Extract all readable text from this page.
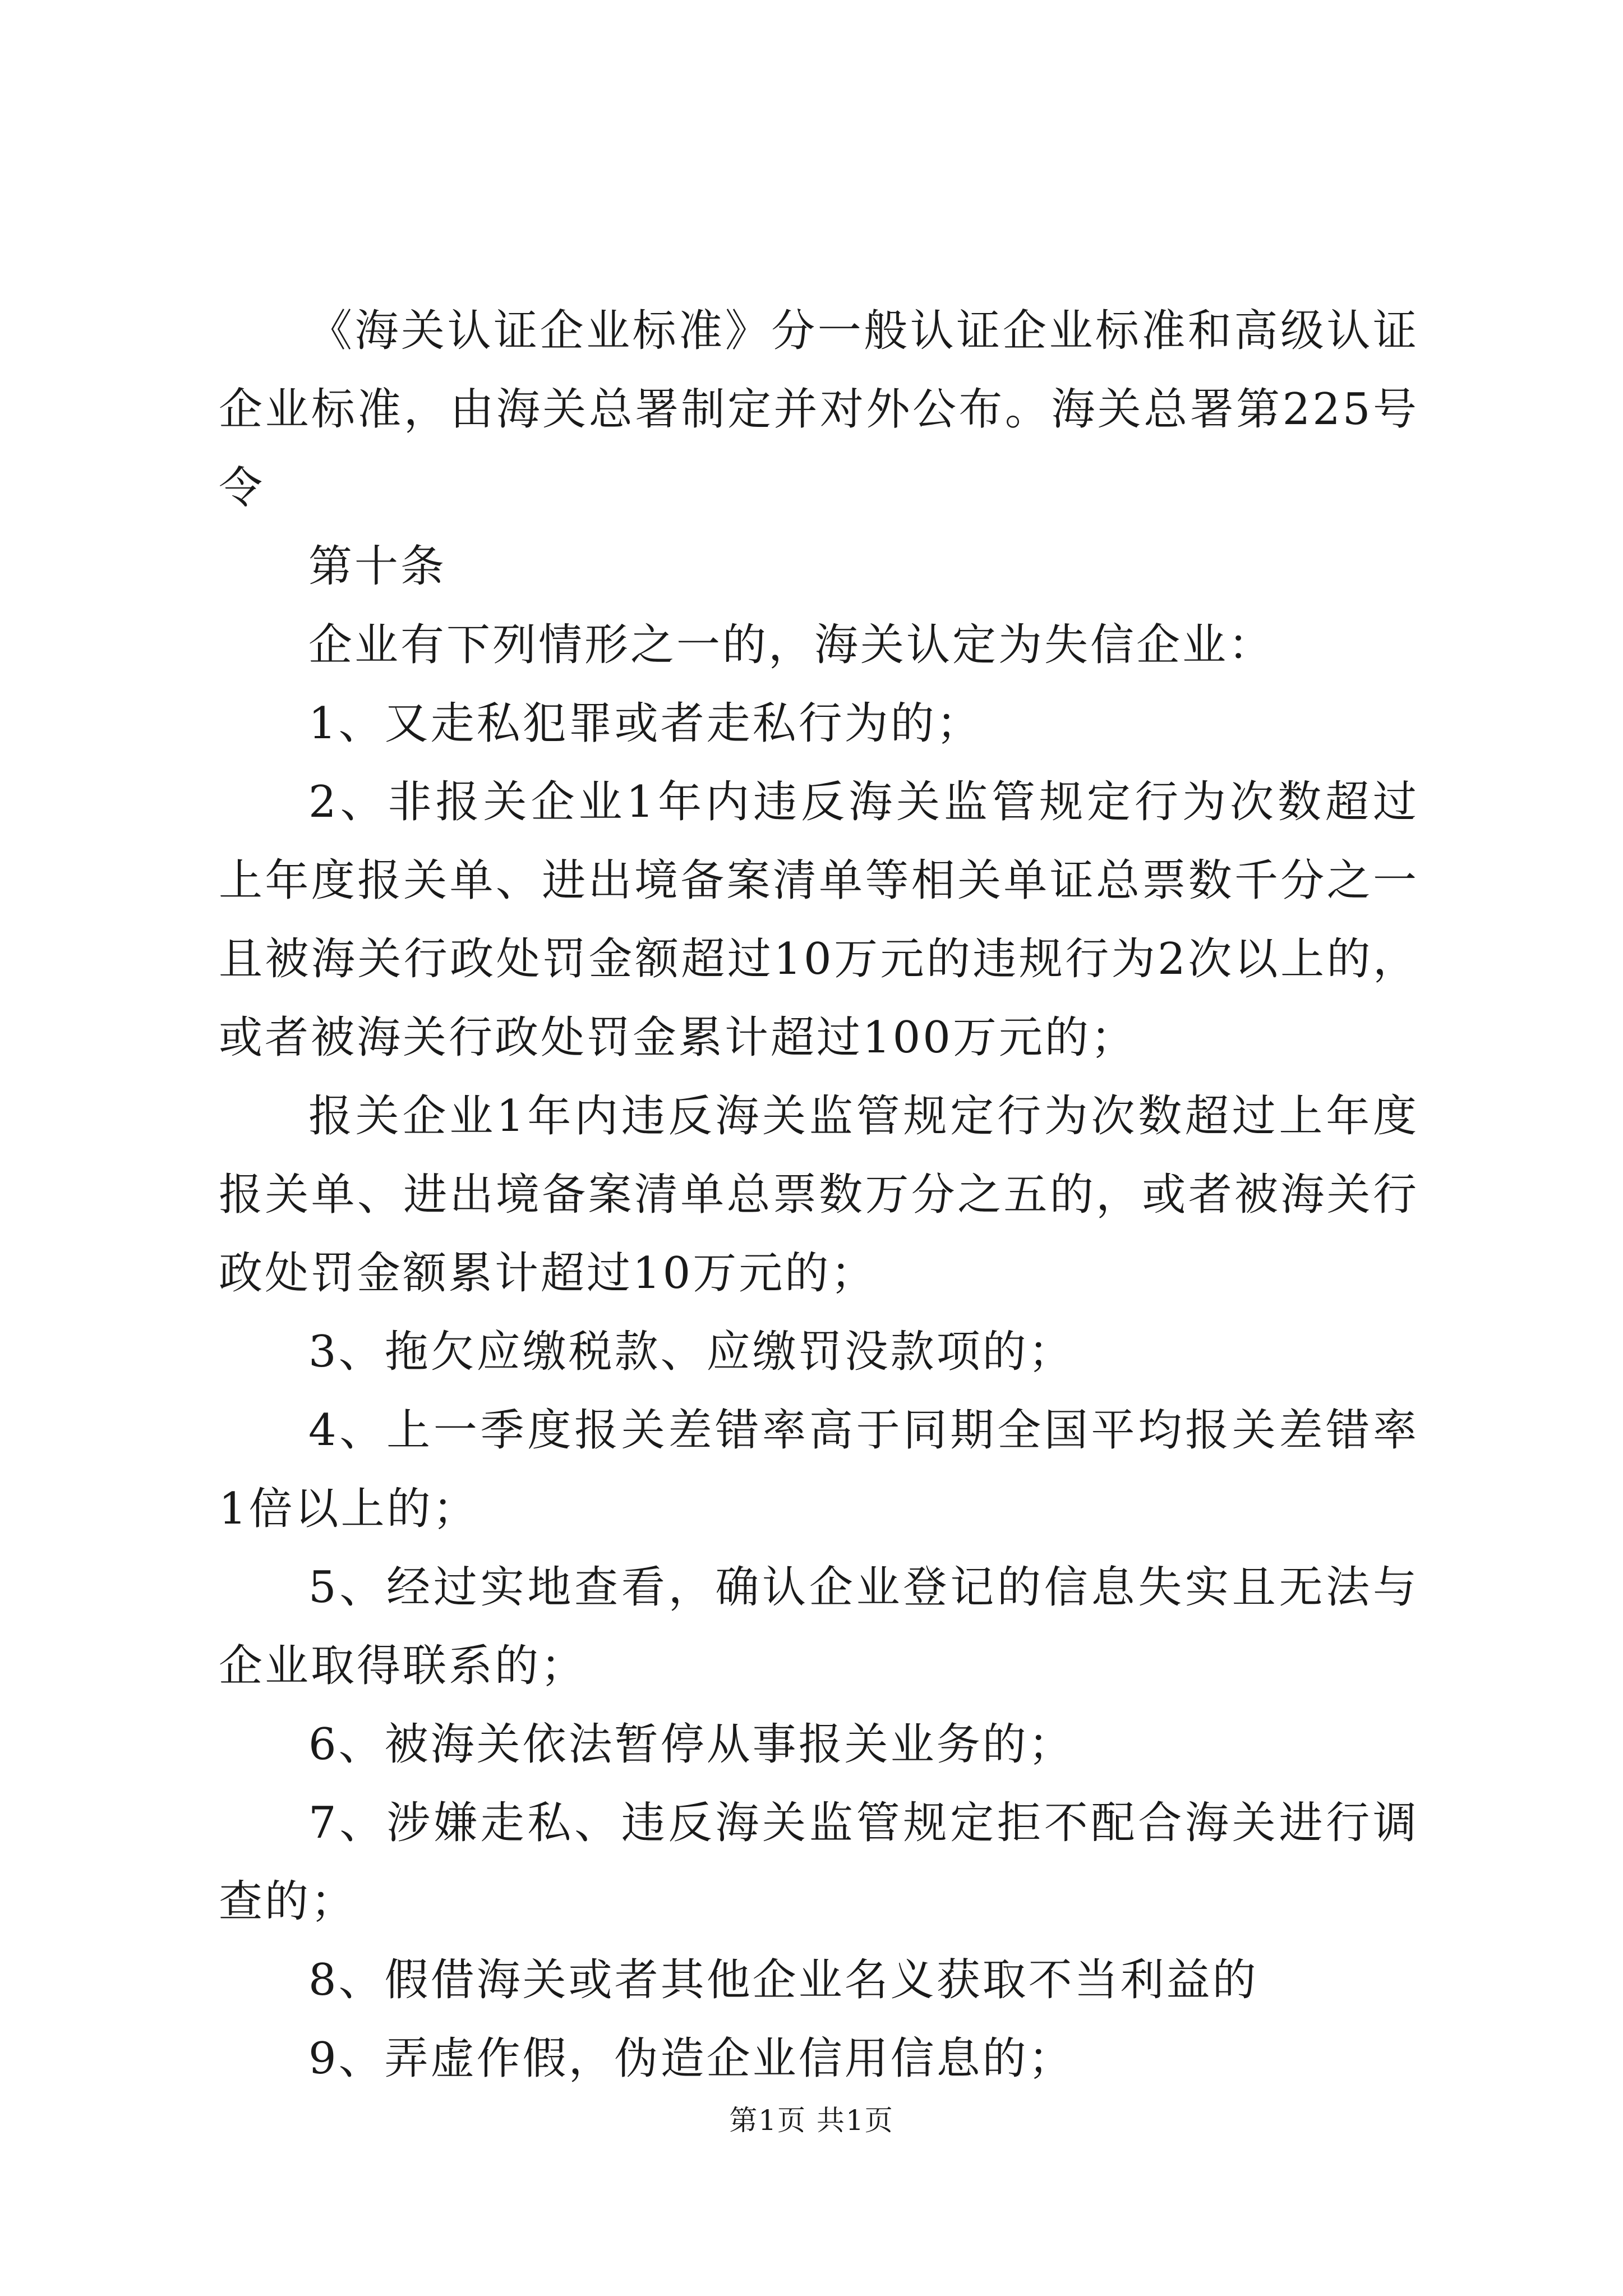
《海关认证企业标准》分一般认证企业标准和高级认证企业标准，由海关总署制定并对外公布。海关总署第225号令

第十条

企业有下列情形之一的，海关认定为失信企业：

1、又走私犯罪或者走私行为的；

2、非报关企业1年内违反海关监管规定行为次数超过上年度报关单、进出境备案清单等相关单证总票数千分之一且被海关行政处罚金额超过10万元的违规行为2次以上的，或者被海关行政处罚金累计超过100万元的；

报关企业1年内违反海关监管规定行为次数超过上年度报关单、进出境备案清单总票数万分之五的，或者被海关行政处罚金额累计超过10万元的；

3、拖欠应缴税款、应缴罚没款项的；

4、上一季度报关差错率高于同期全国平均报关差错率1倍以上的；

5、经过实地查看，确认企业登记的信息失实且无法与企业取得联系的；

6、被海关依法暂停从事报关业务的；

7、涉嫌走私、违反海关监管规定拒不配合海关进行调查的；

8、假借海关或者其他企业名义获取不当利益的

9、弄虚作假，伪造企业信用信息的；

第1页 共1页
